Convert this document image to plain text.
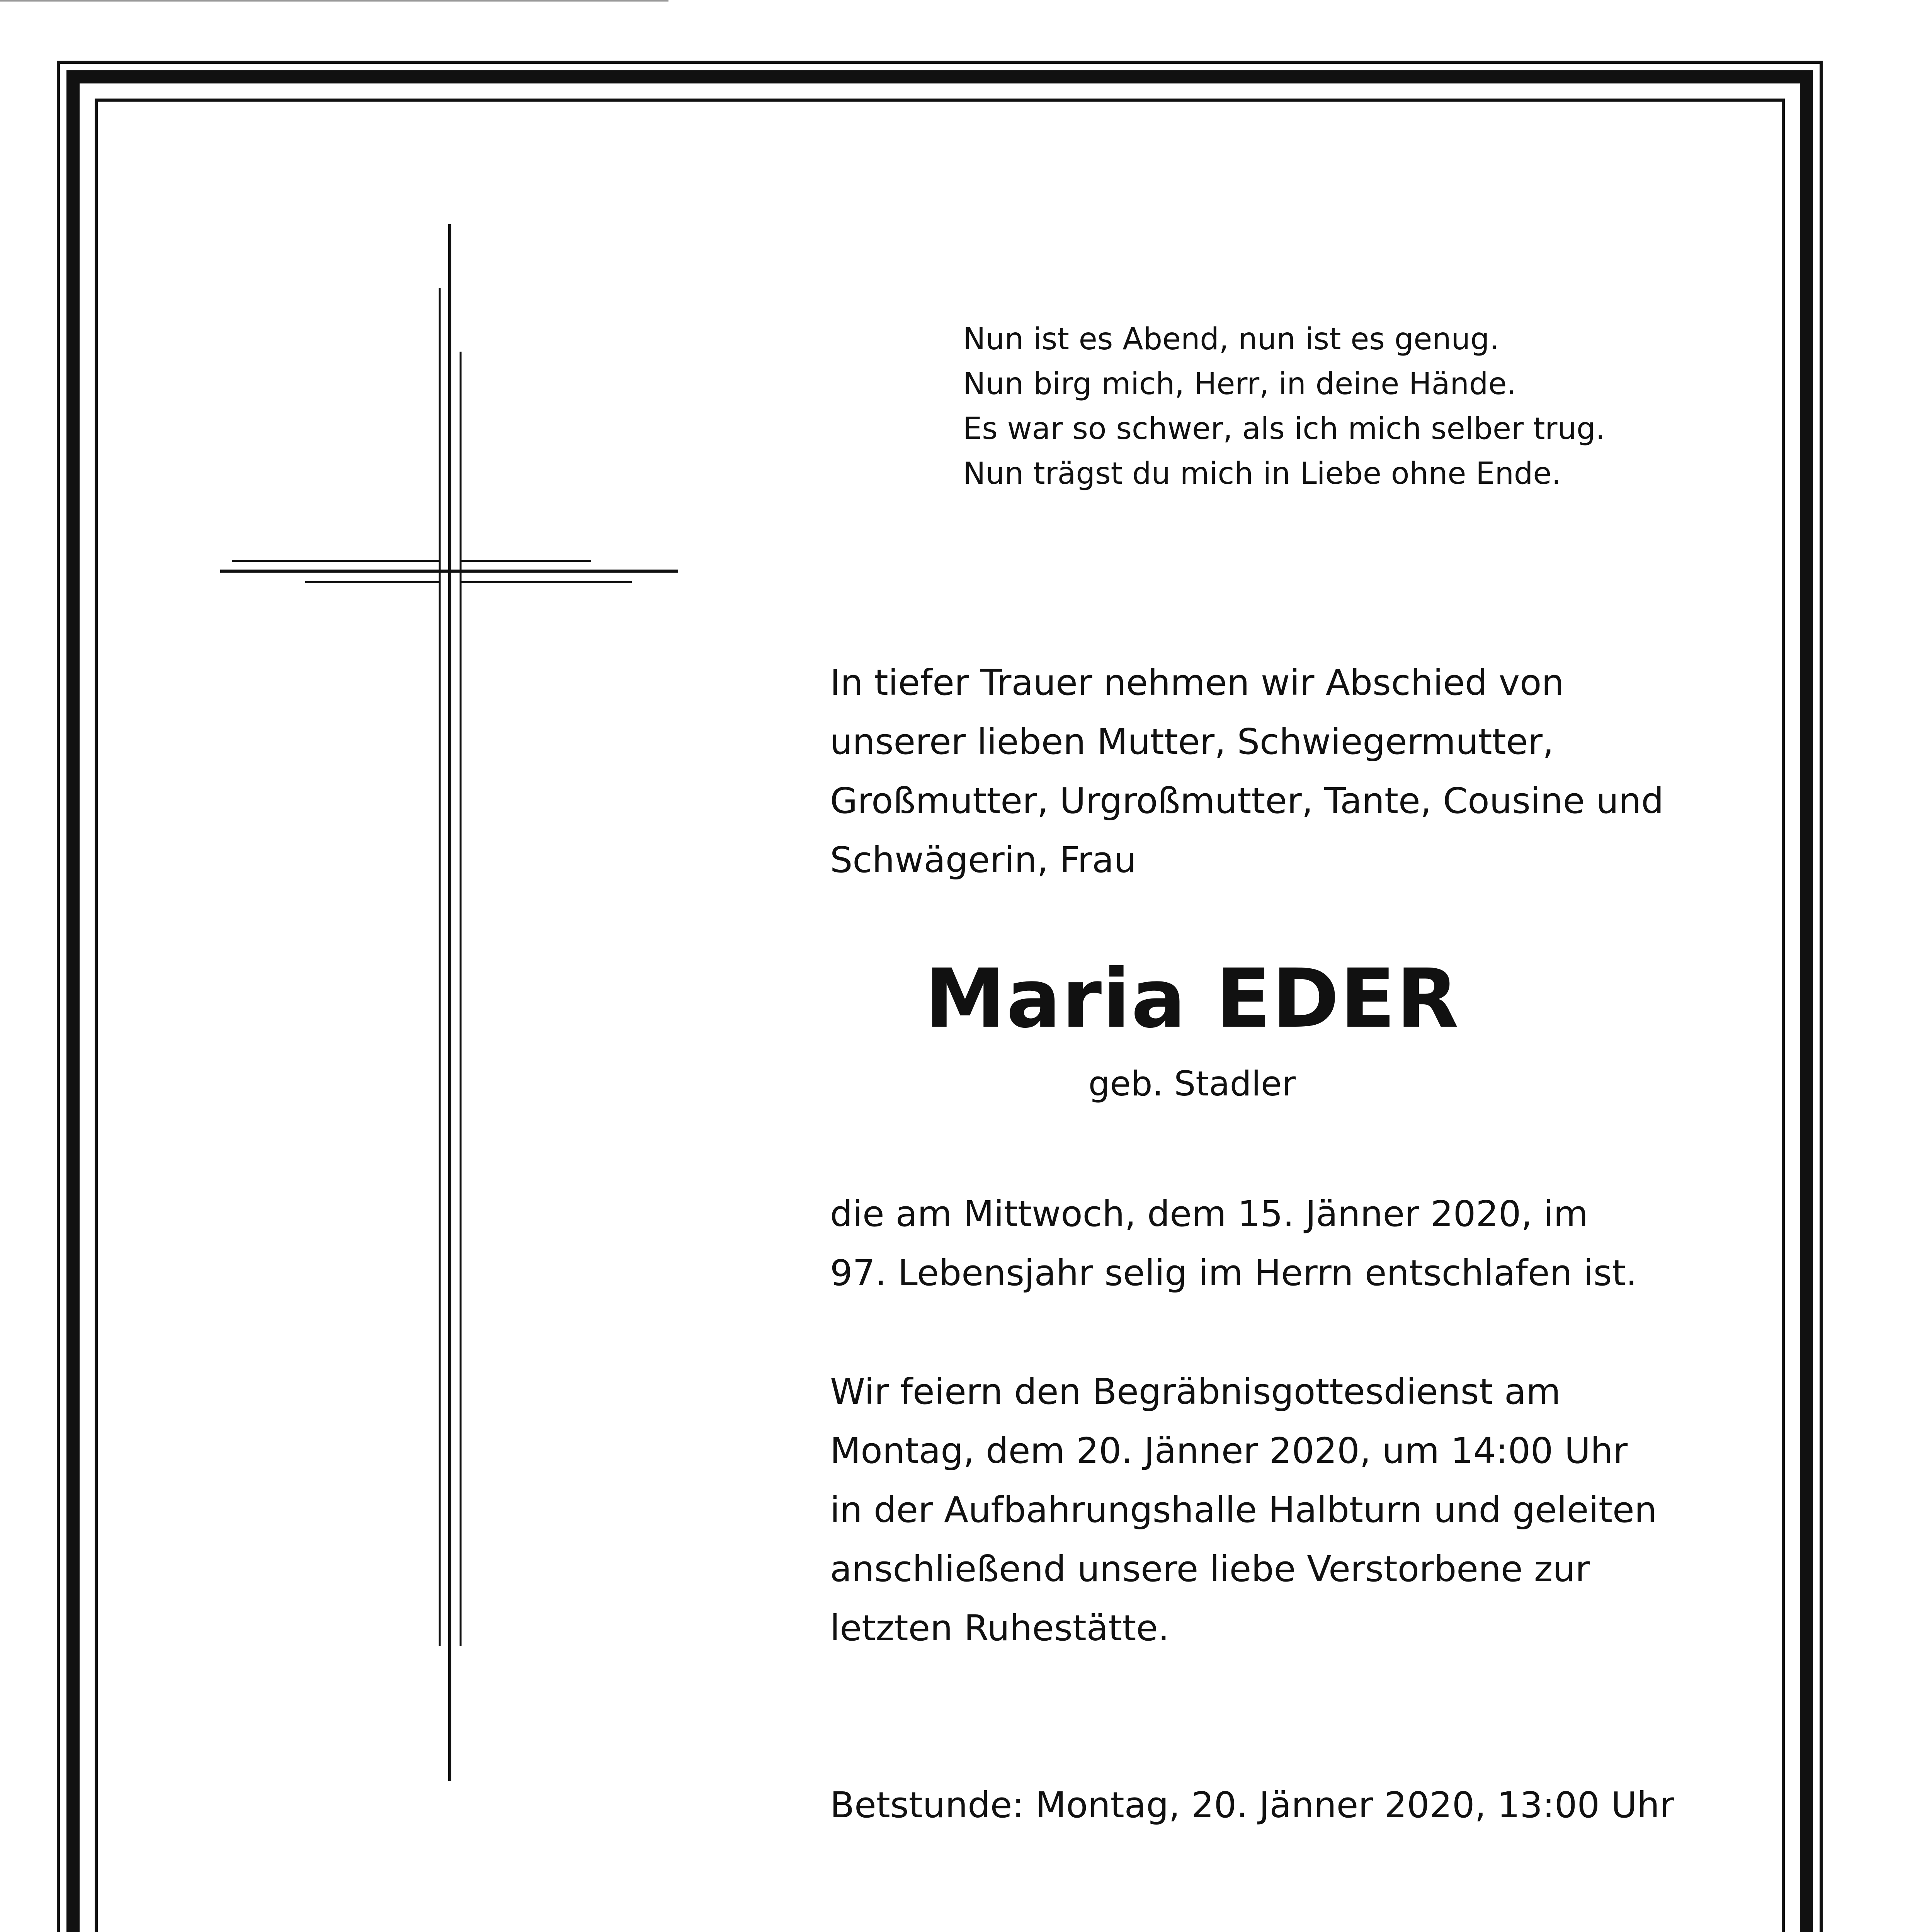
Nun ist es Abend, nun ist es genug.
Nun birg mich, Herr, in deine Hände.
Es war so schwer, als ich mich selber trug.
Nun trägst du mich in Liebe ohne Ende.
In tiefer Trauer nehmen wir Abschied von
unserer lieben Mutter, Schwiegermutter,
Großmutter, Urgroßmutter, Tante, Cousine und
Schwägerin, Frau
Maria EDER
geb. Stadler
die am Mittwoch, dem 15. Jänner 2020, im
97. Lebensjahr selig im Herrn entschlafen ist.
Wir feiern den Begräbnisgottesdienst am
Montag, dem 20. Jänner 2020, um 14:00 Uhr
in der Aufbahrungshalle Halbturn und geleiten
anschließend unsere liebe Verstorbene zur
letzten Ruhestätte.
Betstunde: Montag, 20. Jänner 2020, 13:00 Uhr
